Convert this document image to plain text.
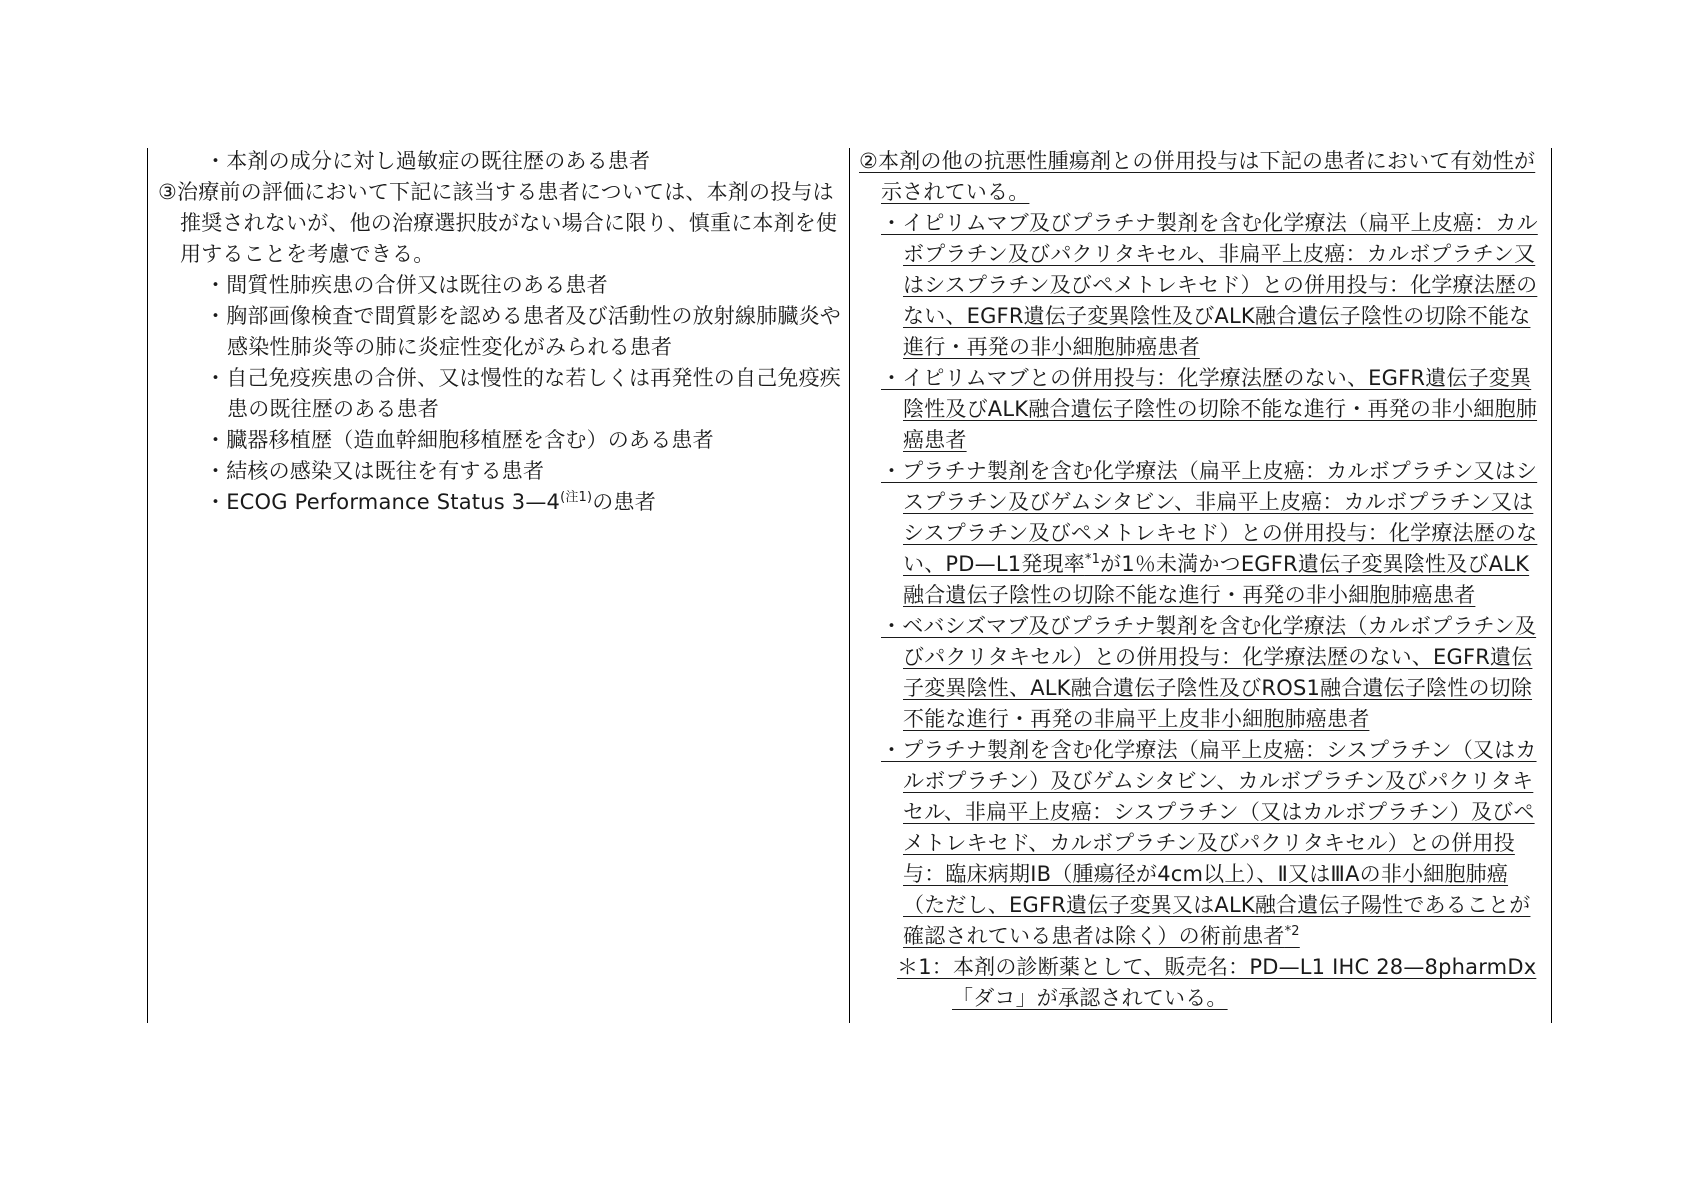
・本剤の成分に対し過敏症の既往歴のある患者

③治療前の評価において下記に該当する患者については、本剤の投与は推奨されないが、他の治療選択肢がない場合に限り、慎重に本剤を使用することを考慮できる。

・間質性肺疾患の合併又は既往のある患者

・胸部画像検査で間質影を認める患者及び活動性の放射線肺臓炎や感染性肺炎等の肺に炎症性変化がみられる患者

・自己免疫疾患の合併、又は慢性的な若しくは再発性の自己免疫疾患の既往歴のある患者

・臓器移植歴（造血幹細胞移植歴を含む）のある患者

・結核の感染又は既往を有する患者

・ECOG Performance Status $3—4^{(注1)}$の患者

②本剤の他の抗悪性腫瘍剤との併用投与は下記の患者において有効性が示されている。

・イピリムマブ及びプラチナ製剤を含む化学療法（扁平上皮癌：カルボプラチン及びパクリタキセル、非扁平上皮癌：カルボプラチン又はシスプラチン及びペメトレキセド）との併用投与：化学療法歴のない、EGFR遺伝子変異陰性及びALK融合遺伝子陰性の切除不能な進行・再発の非小細胞肺癌患者

・イピリムマブとの併用投与：化学療法歴のない、EGFR遺伝子変異陰性及びALK融合遺伝子陰性の切除不能な進行・再発の非小細胞肺癌患者

・プラチナ製剤を含む化学療法（扁平上皮癌：カルボプラチン又はシスプラチン及びゲムシタビン、非扁平上皮癌：カルボプラチン又はシスプラチン及びペメトレキセド）との併用投与：化学療法歴のない、PD—L1発現率$^{*1}$が1％未満かつEGFR遺伝子変異陰性及びALK融合遺伝子陰性の切除不能な進行・再発の非小細胞肺癌患者

・ベバシズマブ及びプラチナ製剤を含む化学療法（カルボプラチン及びパクリタキセル）との併用投与：化学療法歴のない、EGFR遺伝子変異陰性、ALK融合遺伝子陰性及びROS1融合遺伝子陰性の切除不能な進行・再発の非扁平上皮非小細胞肺癌患者

・プラチナ製剤を含む化学療法（扁平上皮癌：シスプラチン（又はカルボプラチン）及びゲムシタビン、カルボプラチン及びパクリタキセル、非扁平上皮癌：シスプラチン（又はカルボプラチン）及びペメトレキセド、カルボプラチン及びパクリタキセル）との併用投与：臨床病期ⅠB（腫瘍径が4cm以上）、Ⅱ又はⅢAの非小細胞肺癌（ただし、EGFR遺伝子変異又はALK融合遺伝子陽性であることが確認されている患者は除く）の術前患者$^{*2}$

＊1：本剤の診断薬として、販売名：PD—L1 IHC 28—8pharmDx「ダコ」が承認されている。
